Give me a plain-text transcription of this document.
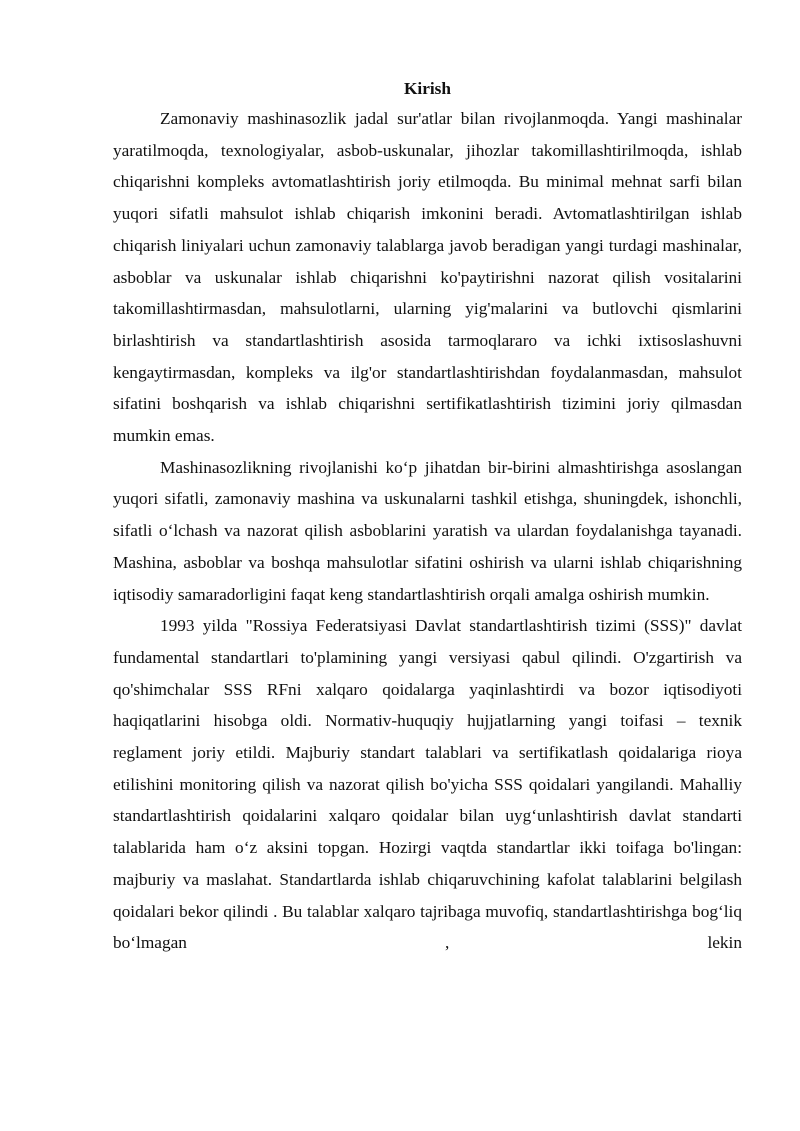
Kirish

Zamonaviy mashinasozlik jadal sur'atlar bilan rivojlanmoqda. Yangi mashinalar yaratilmoqda, texnologiyalar, asbob-uskunalar, jihozlar takomillashtirilmoqda, ishlab chiqarishni kompleks avtomatlashtirish joriy etilmoqda. Bu minimal mehnat sarfi bilan yuqori sifatli mahsulot ishlab chiqarish imkonini beradi. Avtomatlashtirilgan ishlab chiqarish liniyalari uchun zamonaviy talablarga javob beradigan yangi turdagi mashinalar, asboblar va uskunalar ishlab chiqarishni ko'paytirishni nazorat qilish vositalarini takomillashtirmasdan, mahsulotlarni, ularning yig'malarini va butlovchi qismlarini birlashtirish va standartlashtirish asosida tarmoqlararo va ichki ixtisoslashuvni kengaytirmasdan, kompleks va ilg'or standartlashtirishdan foydalanmasdan, mahsulot sifatini boshqarish va ishlab chiqarishni sertifikatlashtirish tizimini joriy qilmasdan mumkin emas.

Mashinasozlikning rivojlanishi ko‘p jihatdan bir-birini almashtirishga asoslangan yuqori sifatli, zamonaviy mashina va uskunalarni tashkil etishga, shuningdek, ishonchli, sifatli o‘lchash va nazorat qilish asboblarini yaratish va ulardan foydalanishga tayanadi. Mashina, asboblar va boshqa mahsulotlar sifatini oshirish va ularni ishlab chiqarishning iqtisodiy samaradorligini faqat keng standartlashtirish orqali amalga oshirish mumkin.

1993 yilda "Rossiya Federatsiyasi Davlat standartlashtirish tizimi (SSS)" davlat fundamental standartlari to'plamining yangi versiyasi qabul qilindi. O'zgartirish va qo'shimchalar SSS RFni xalqaro qoidalarga yaqinlashtirdi va bozor iqtisodiyoti haqiqatlarini hisobga oldi. Normativ-huquqiy hujjatlarning yangi toifasi – texnik reglament joriy etildi. Majburiy standart talablari va sertifikatlash qoidalariga rioya etilishini monitoring qilish va nazorat qilish bo'yicha SSS qoidalari yangilandi. Mahalliy standartlashtirish qoidalarini xalqaro qoidalar bilan uyg‘unlashtirish davlat standarti talablarida ham o‘z aksini topgan. Hozirgi vaqtda standartlar ikki toifaga bo'lingan: majburiy va maslahat. Standartlarda ishlab chiqaruvchining kafolat talablarini belgilash qoidalari bekor qilindi . Bu talablar xalqaro tajribaga muvofiq, standartlashtirishga bog‘liq bo‘lmagan , lekin
